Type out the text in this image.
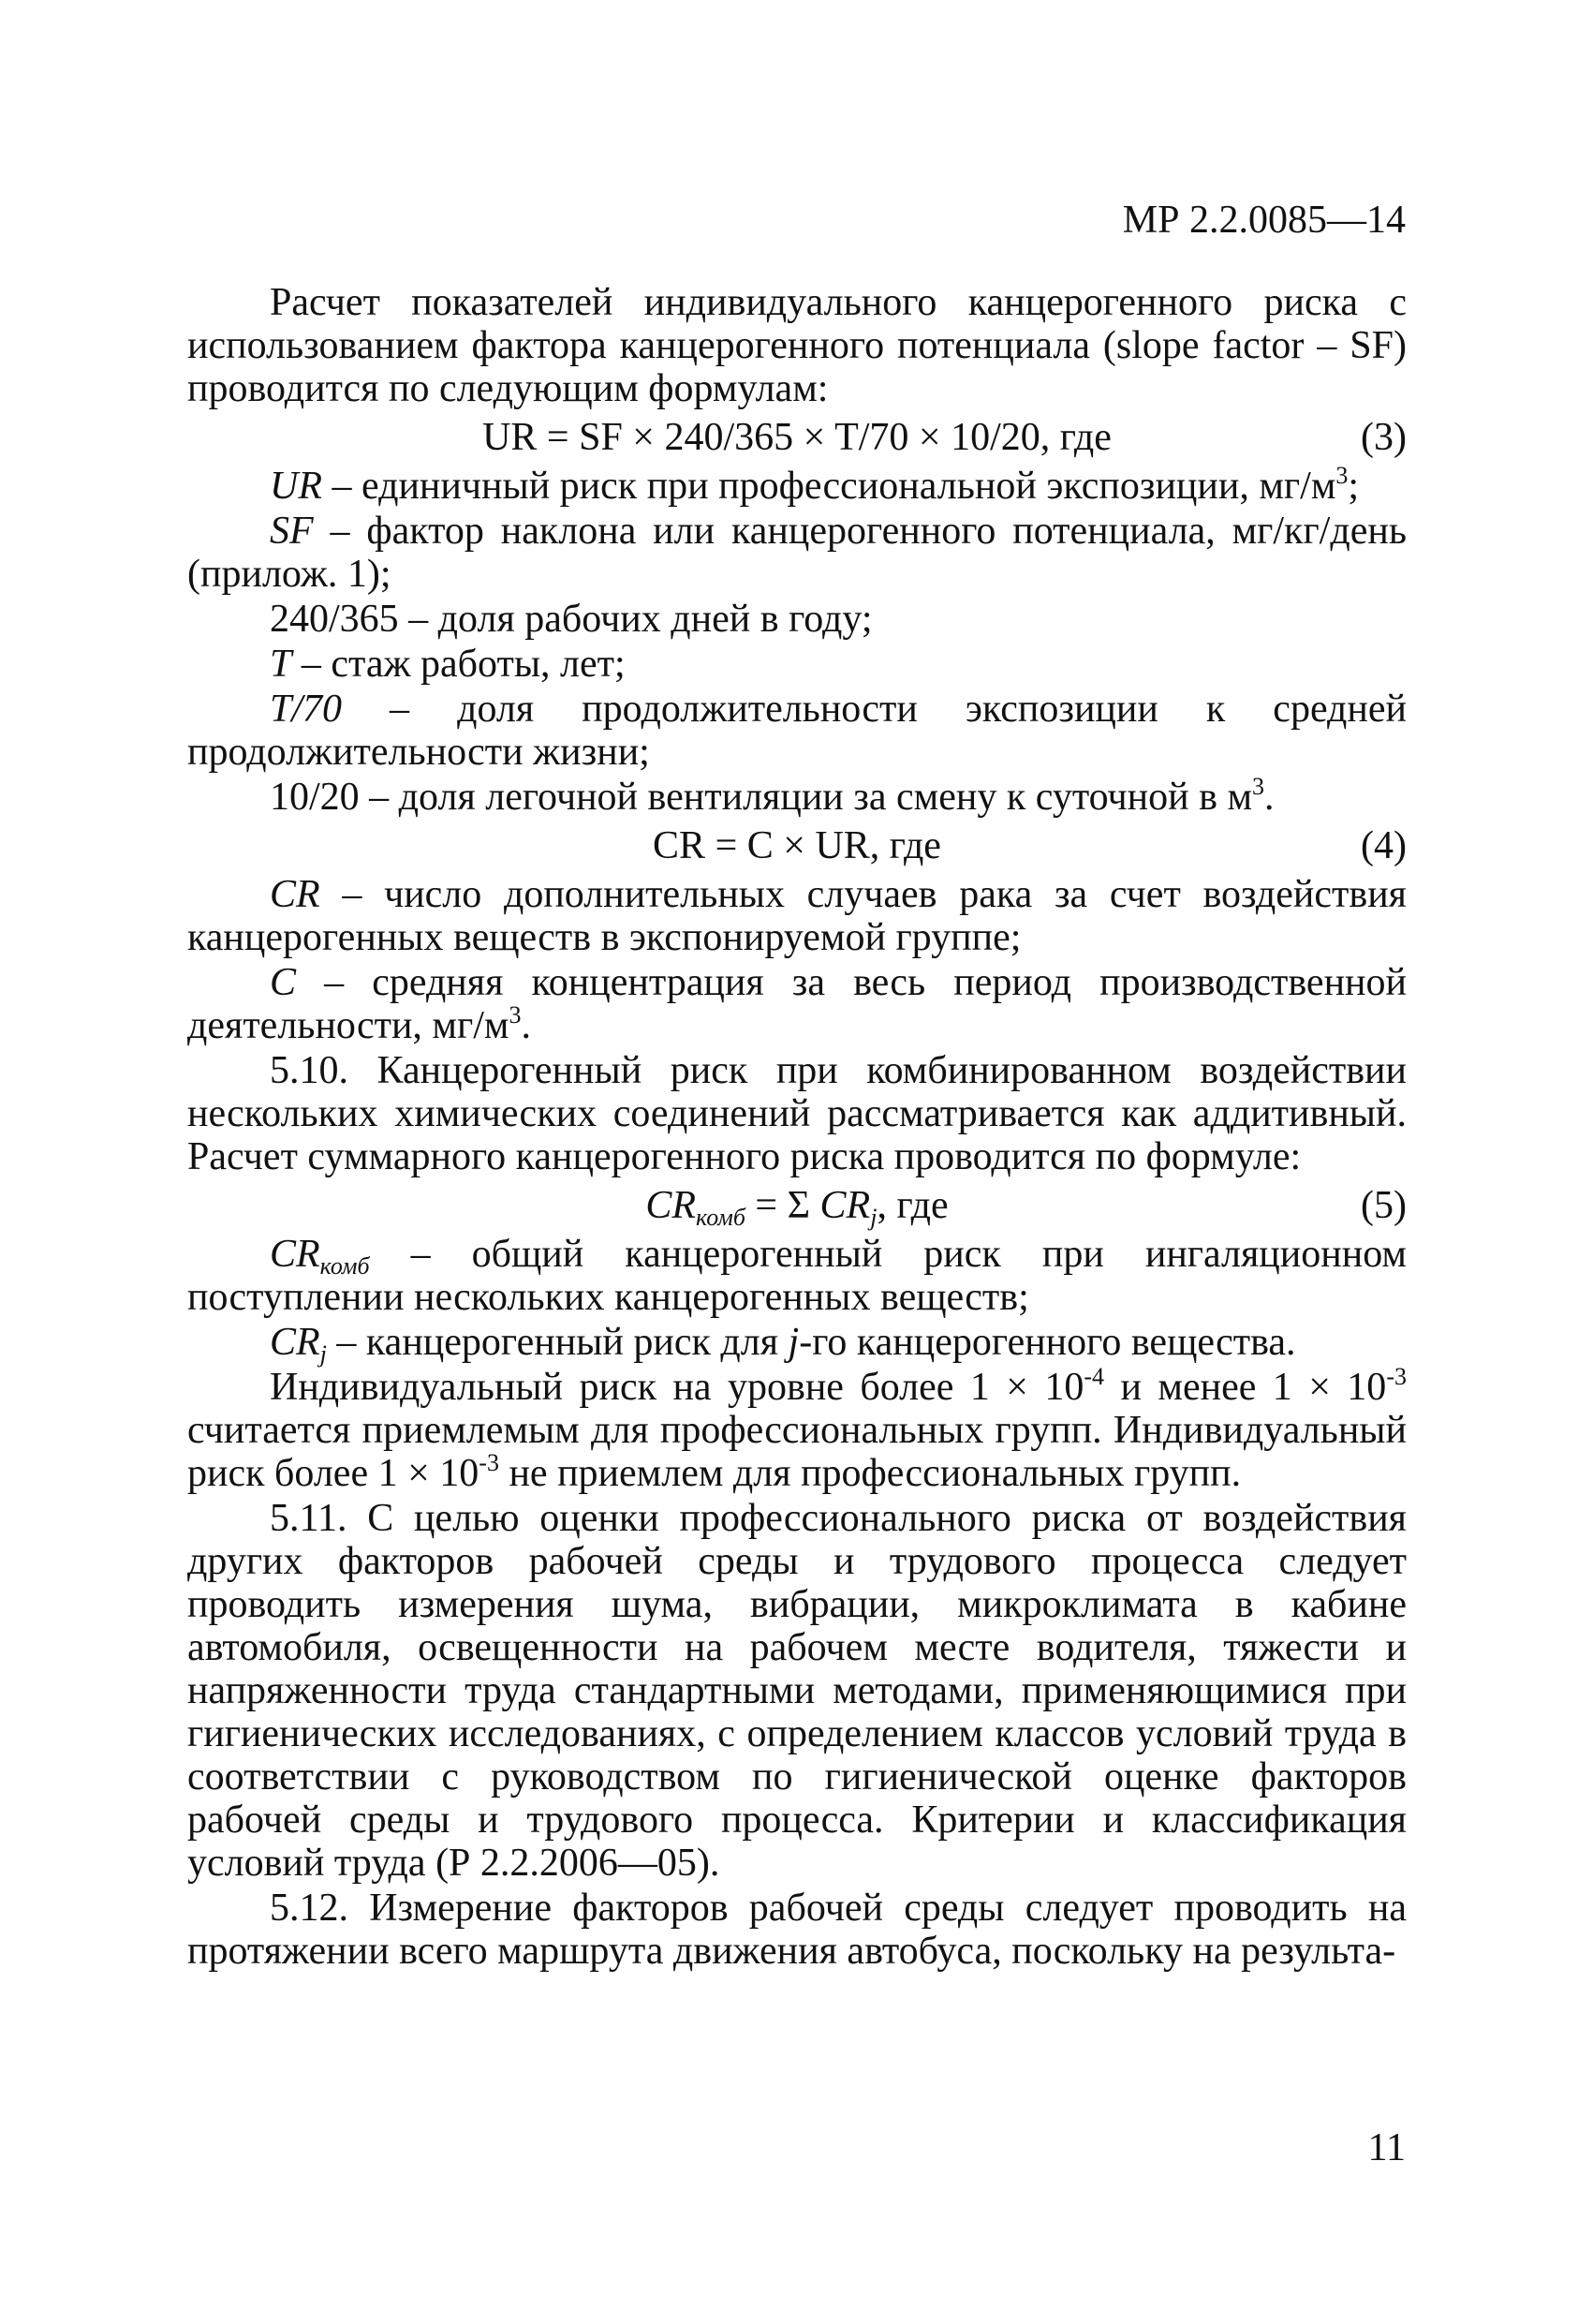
МР 2.2.0085—14

Расчет показателей индивидуального канцерогенного риска с использованием фактора канцерогенного потенциала (slope factor – SF) проводится по следующим формулам:

UR = SF × 240/365 × T/70 × 10/20, где	(3)

UR – единичный риск при профессиональной экспозиции, $мг/м^3$;

SF – фактор наклона или канцерогенного потенциала, мг/кг/день (прилож. 1);

240/365 – доля рабочих дней в году;

T – стаж работы, лет;

T/70 – доля продолжительности экспозиции к средней продолжительности жизни;

10/20 – доля легочной вентиляции за смену к суточной в $м^3$.

CR = C × UR, где	(4)

CR – число дополнительных случаев рака за счет воздействия канцерогенных веществ в экспонируемой группе;

C – средняя концентрация за весь период производственной деятельности, $мг/м^3$.

5.10. Канцерогенный риск при комбинированном воздействии нескольких химических соединений рассматривается как аддитивный. Расчет суммарного канцерогенного риска проводится по формуле:

$CR_{комб} = \Sigma$ $CR_j$, где	(5)

$CR_{комб}$ – общий канцерогенный риск при ингаляционном поступлении нескольких канцерогенных веществ;

$CR_j$ – канцерогенный риск для j-го канцерогенного вещества.

Индивидуальный риск на уровне более $1 \times 10^{-4}$ и менее $1 \times 10^{-3}$ считается приемлемым для профессиональных групп. Индивидуальный риск более $1 \times 10^{-3}$ не приемлем для профессиональных групп.

5.11. С целью оценки профессионального риска от воздействия других факторов рабочей среды и трудового процесса следует проводить измерения шума, вибрации, микроклимата в кабине автомобиля, освещенности на рабочем месте водителя, тяжести и напряженности труда стандартными методами, применяющимися при гигиенических исследованиях, с определением классов условий труда в соответствии с руководством по гигиенической оценке факторов рабочей среды и трудового процесса. Критерии и классификация условий труда (Р 2.2.2006—05).

5.12. Измерение факторов рабочей среды следует проводить на протяжении всего маршрута движения автобуса, поскольку на результа-

11
